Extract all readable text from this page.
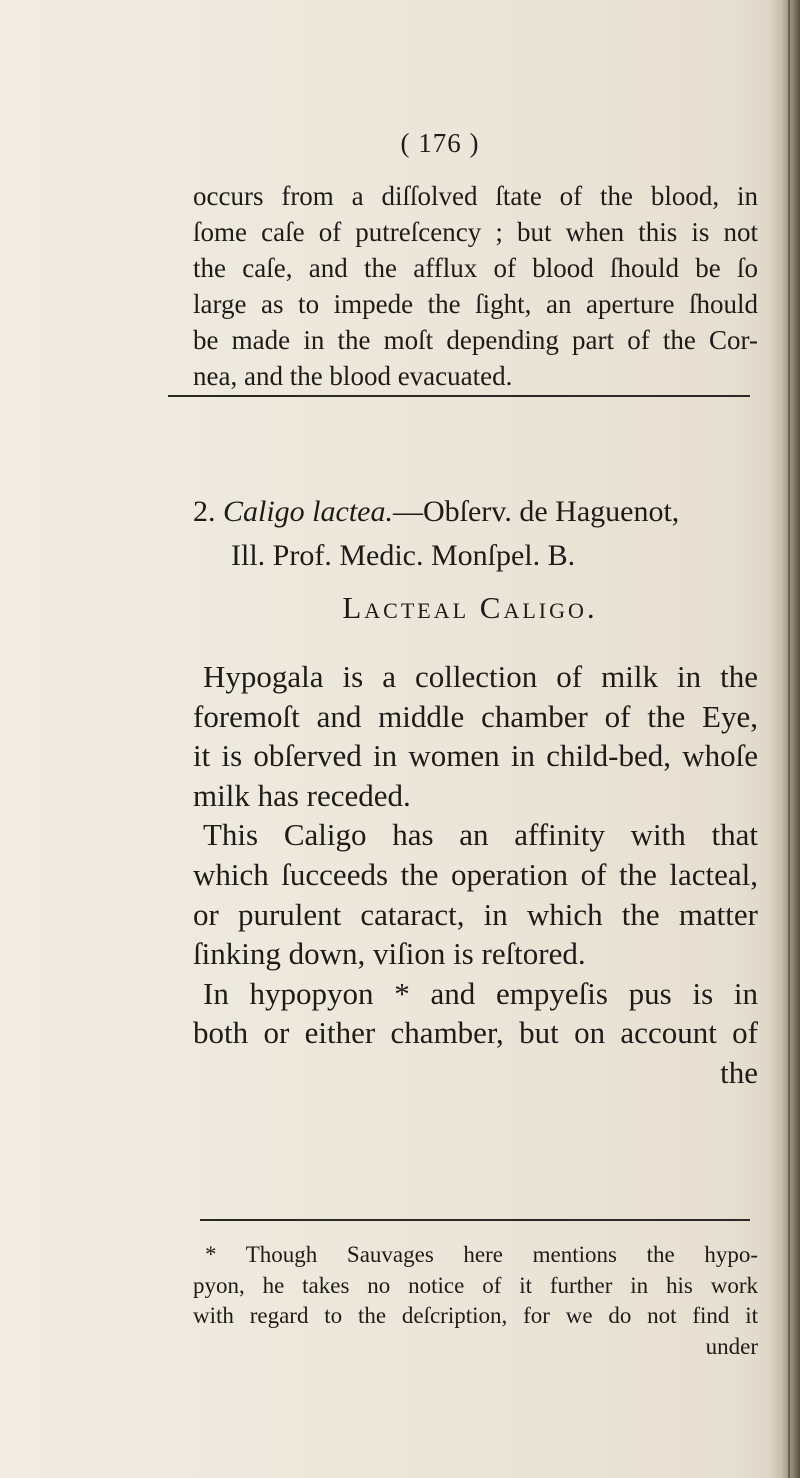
( 176 )
occurs from a diſſolved ſtate of the blood, in
ſome caſe of putreſcency ; but when this is not
the caſe, and the afflux of blood ſhould be ſo
large as to impede the ſight, an aperture ſhould
be made in the moſt depending part of the Cor-
nea, and the blood evacuated.
2. Caligo lactea.—Obſerv. de Haguenot,
Ill. Prof. Medic. Monſpel. B.
Lacteal Caligo.
Hypogala is a collection of milk in the
foremoſt and middle chamber of the Eye,
it is obſerved in women in child-bed, whoſe
milk has receded.
This Caligo has an affinity with that
which ſucceeds the operation of the lacteal,
or purulent cataract, in which the matter
ſinking down, viſion is reſtored.
In hypopyon * and empyeſis pus is in
both or either chamber, but on account of
the
* Though Sauvages here mentions the hypo-
pyon, he takes no notice of it further in his work
with regard to the deſcription, for we do not find it
under
